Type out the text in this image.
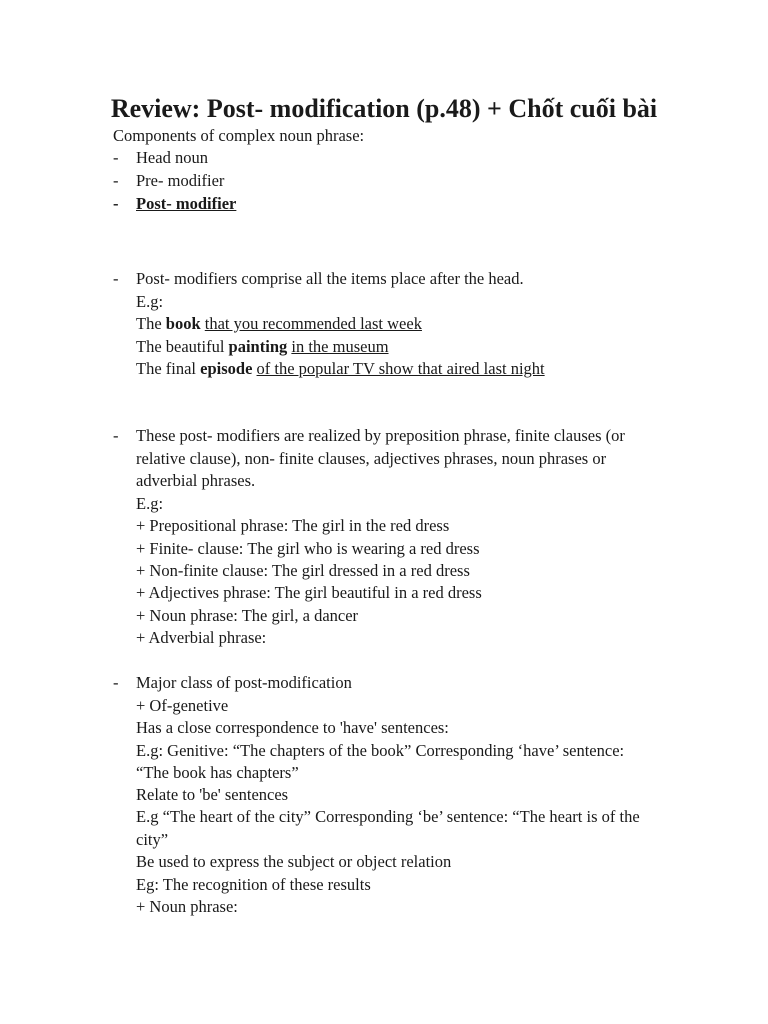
Review: Post- modification (p.48) + Chốt cuối bài
Components of complex noun phrase:
- Head noun
- Pre- modifier
- Post- modifier
- Post- modifiers comprise all the items place after the head.
E.g:
The book that you recommended last week
The beautiful painting in the museum
The final episode of the popular TV show that aired last night
- These post- modifiers are realized by preposition phrase, finite clauses (or
relative clause), non- finite clauses, adjectives phrases, noun phrases or
adverbial phrases.
E.g:
+ Prepositional phrase: The girl in the red dress
+ Finite- clause: The girl who is wearing a red dress
+ Non-finite clause: The girl dressed in a red dress
+ Adjectives phrase: The girl beautiful in a red dress
+ Noun phrase: The girl, a dancer
+ Adverbial phrase:
- Major class of post-modification
+ Of-genetive
Has a close correspondence to 'have' sentences:
E.g: Genitive: “The chapters of the book” Corresponding ‘have’ sentence:
“The book has chapters”
Relate to 'be' sentences
E.g “The heart of the city” Corresponding ‘be’ sentence: “The heart is of the
city”
Be used to express the subject or object relation
Eg: The recognition of these results
+ Noun phrase:
